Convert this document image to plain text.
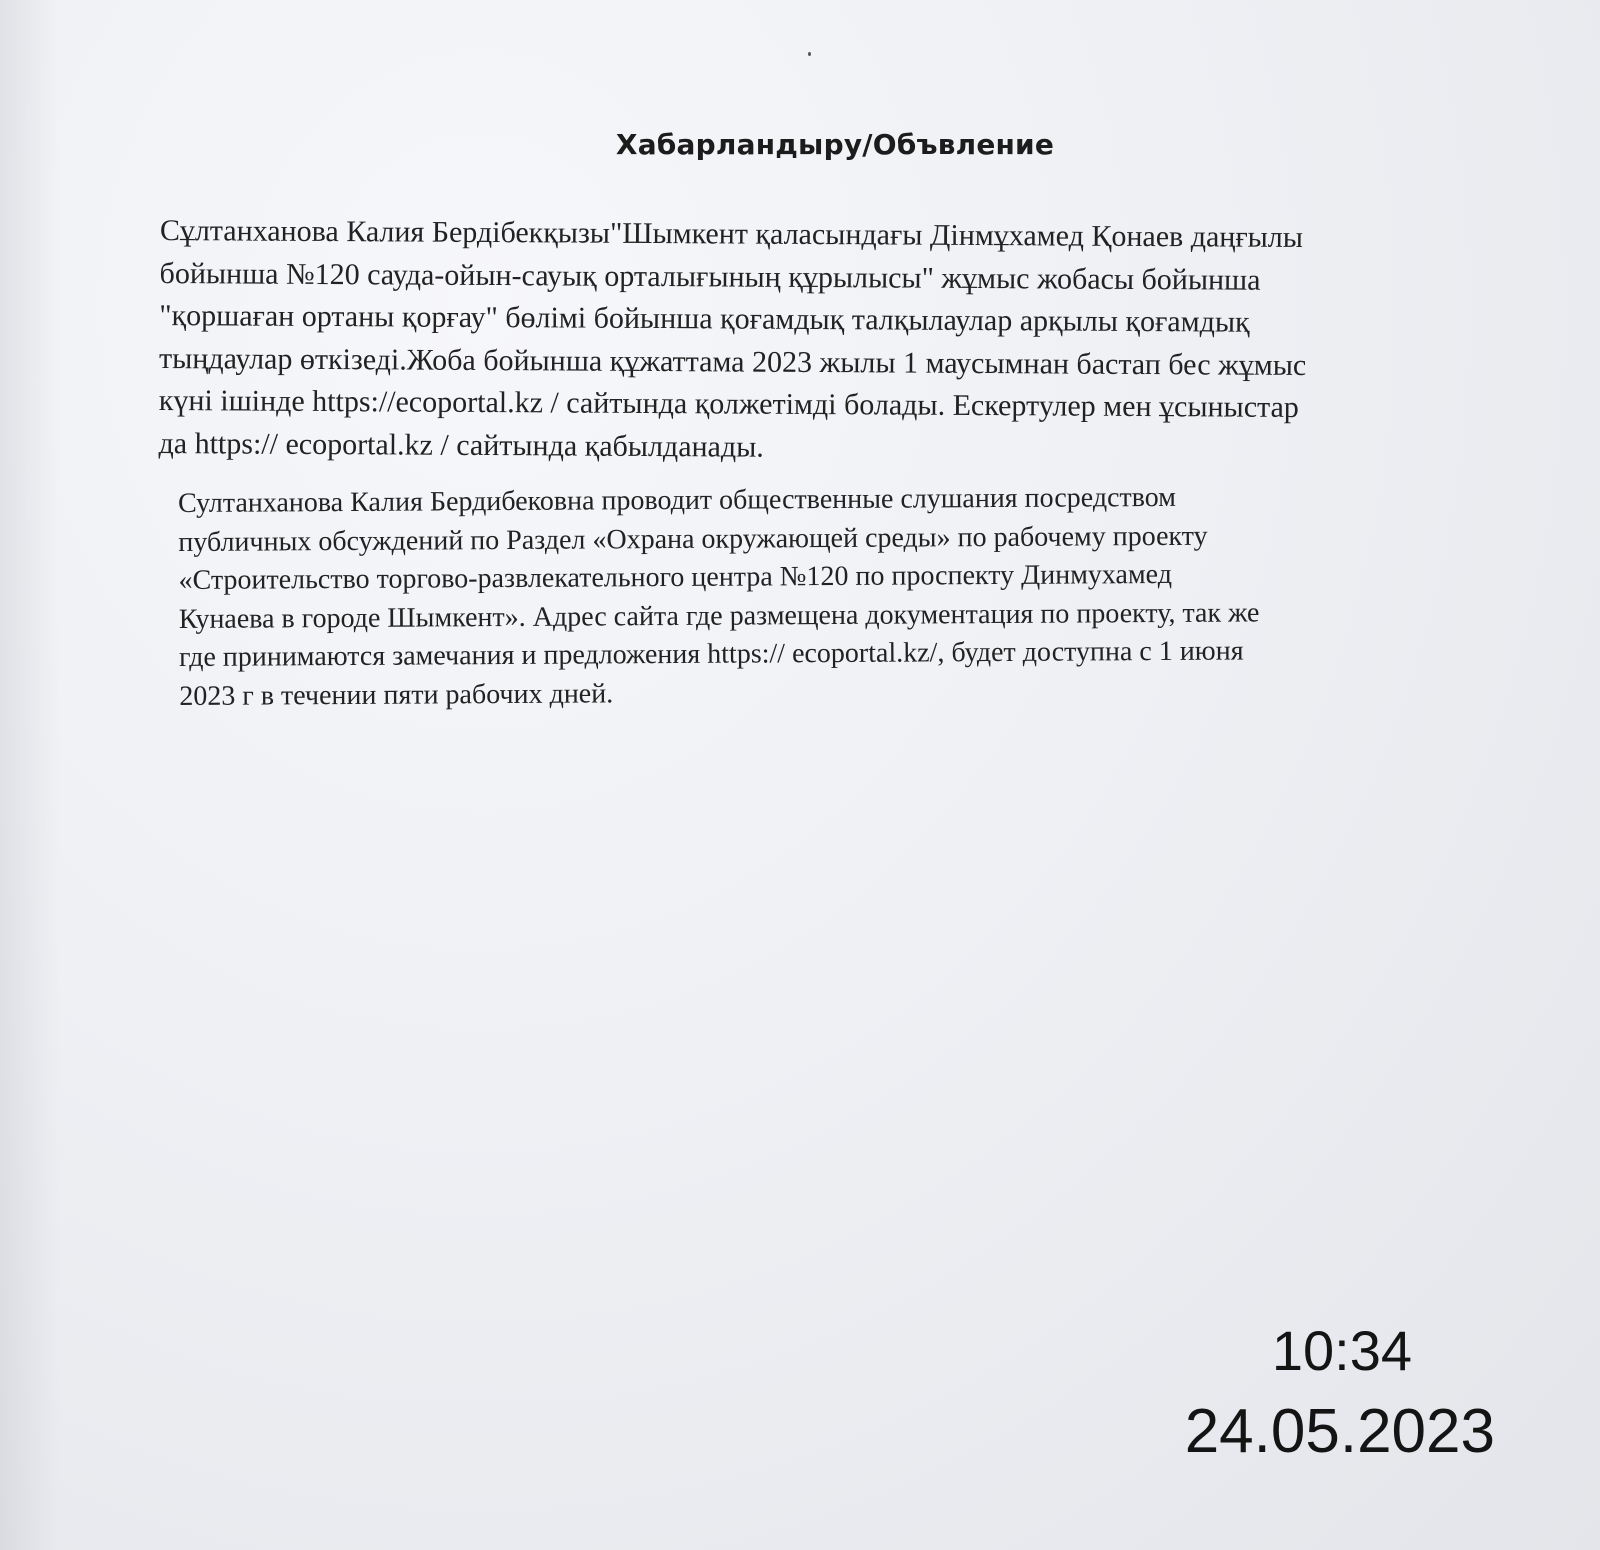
Хабарландыру/Объвление

Сұлтанханова Калия Бердібекқызы"Шымкент қаласындағы Дінмұхамед Қонаев даңғылы
бойынша №120 сауда-ойын-сауық орталығының құрылысы" жұмыс жобасы бойынша
"қоршаған ортаны қорғау" бөлімі бойынша қоғамдық талқылаулар арқылы қоғамдық
тыңдаулар өткізеді.Жоба бойынша құжаттама 2023 жылы 1 маусымнан бастап бес жұмыс
күні ішінде https://ecoportal.kz / сайтында қолжетімді болады. Ескертулер мен ұсыныстар
да https:// ecoportal.kz / сайтында қабылданады.

Султанханова Калия Бердибековна проводит общественные слушания посредством
публичных обсуждений по Раздел «Охрана окружающей среды» по рабочему проекту
«Строительство торгово-развлекательного центра №120 по проспекту Динмухамед
Кунаева в городе Шымкент». Адрес сайта где размещена документация по проекту, так же
где принимаются замечания и предложения https:// ecoportal.kz/, будет доступна с 1 июня
2023 г в течении пяти рабочих дней.

10:34
24.05.2023
